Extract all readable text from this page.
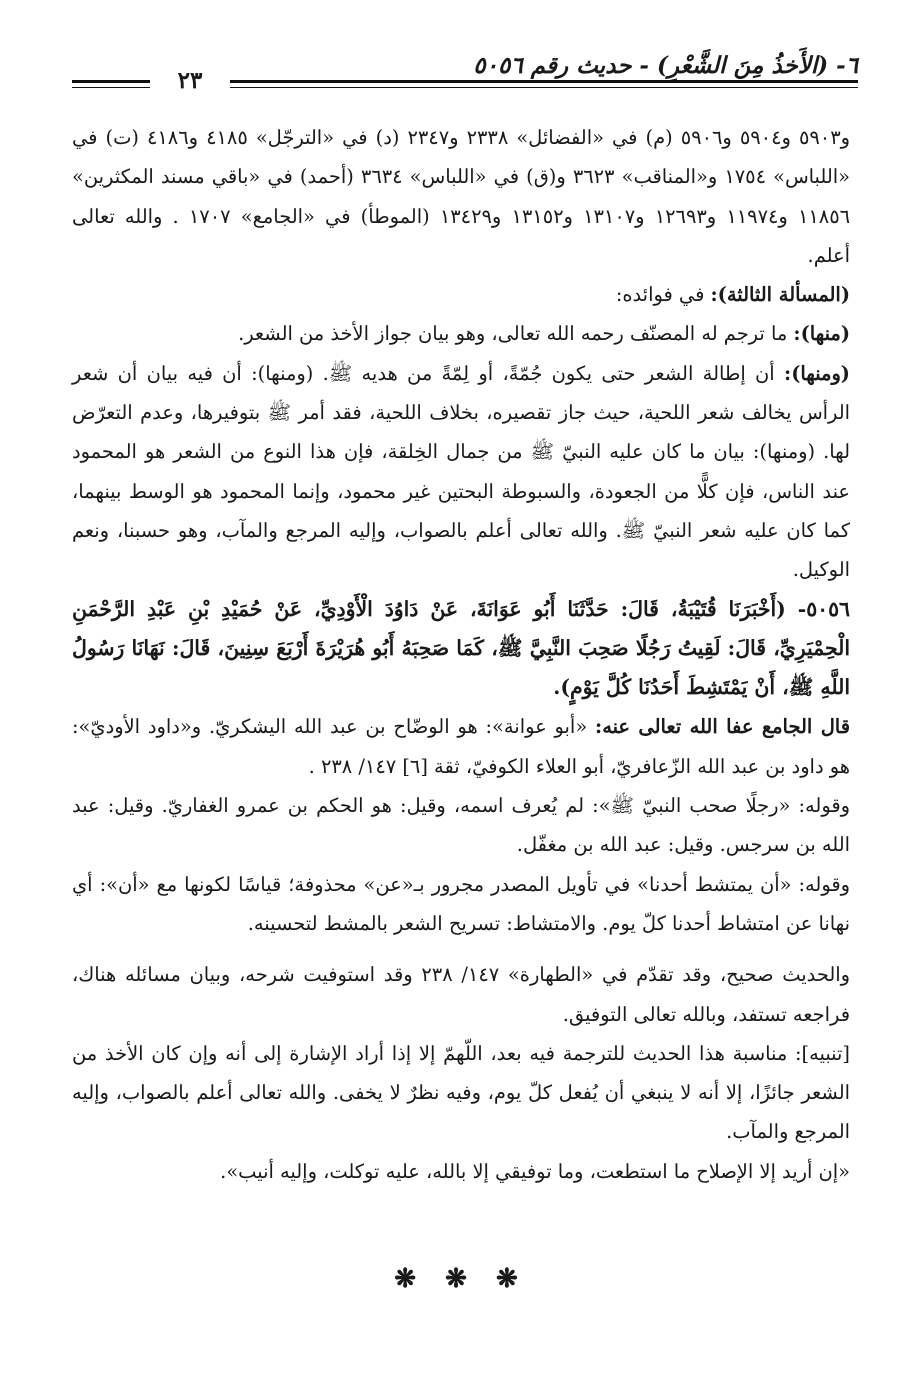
٦- (الأَخذُ مِنَ الشَّعْرِ) - حديث رقم ٥٠٥٦
٢٣

و٥٩٠٣ و٥٩٠٤ و٥٩٠٦ (م) في «الفضائل» ٢٣٣٨ و٢٣٤٧ (د) في «الترجّل» ٤١٨٥ و٤١٨٦ (ت) في «اللباس» ١٧٥٤ و«المناقب» ٣٦٢٣ و(ق) في «اللباس» ٣٦٣٤ (أحمد) في «باقي مسند المكثرين» ١١٨٥٦ و١١٩٧٤ و١٢٦٩٣ و١٣١٠٧ و١٣١٥٢ و١٣٤٢٩ (الموطأ) في «الجامع» ١٧٠٧ . والله تعالى أعلم.

(المسألة الثالثة): في فوائده:

(منها): ما ترجم له المصنّف رحمه الله تعالى، وهو بيان جواز الأخذ من الشعر.

(ومنها): أن إطالة الشعر حتى يكون جُمّةً، أو لِمّةً من هديه ﷺ. (ومنها): أن فيه بيان أن شعر الرأس يخالف شعر اللحية، حيث جاز تقصيره، بخلاف اللحية، فقد أمر ﷺ بتوفيرها، وعدم التعرّض لها. (ومنها): بيان ما كان عليه النبيّ ﷺ من جمال الخِلقة، فإن هذا النوع من الشعر هو المحمود عند الناس، فإن كلًّا من الجعودة، والسبوطة البحتين غير محمود، وإنما المحمود هو الوسط بينهما، كما كان عليه شعر النبيّ ﷺ. والله تعالى أعلم بالصواب، وإليه المرجع والمآب، وهو حسبنا، ونعم الوكيل.

٥٠٥٦- (أَخْبَرَنَا قُتَيْبَةُ، قَالَ: حَدَّثَنَا أَبُو عَوَانَةَ، عَنْ دَاوُدَ الْأَوْدِيِّ، عَنْ حُمَيْدِ بْنِ عَبْدِ الرَّحْمَنِ الْحِمْيَرِيِّ، قَالَ: لَقِيتُ رَجُلًا صَحِبَ النَّبِيَّ ﷺ، كَمَا صَحِبَهُ أَبُو هُرَيْرَةَ أَرْبَعَ سِنِينَ، قَالَ: نَهَانَا رَسُولُ اللَّهِ ﷺ، أَنْ يَمْتَشِطَ أَحَدُنَا كُلَّ يَوْمٍ).

قال الجامع عفا الله تعالى عنه: «أبو عوانة»: هو الوضّاح بن عبد الله اليشكريّ. و«داود الأوديّ»: هو داود بن عبد الله الزّعافريّ، أبو العلاء الكوفيّ، ثقة [٦] ١٤٧/ ٢٣٨ .

وقوله: «رجلًا صحب النبيّ ﷺ»: لم يُعرف اسمه، وقيل: هو الحكم بن عمرو الغفاريّ. وقيل: عبد الله بن سرجس. وقيل: عبد الله بن مغفّل.

وقوله: «أن يمتشط أحدنا» في تأويل المصدر مجرور بـ«عن» محذوفة؛ قياسًا لكونها مع «أن»: أي نهانا عن امتشاط أحدنا كلّ يوم. والامتشاط: تسريح الشعر بالمشط لتحسينه.

والحديث صحيح، وقد تقدّم في «الطهارة» ١٤٧/ ٢٣٨ وقد استوفيت شرحه، وبيان مسائله هناك، فراجعه تستفد، وبالله تعالى التوفيق.

[تنبيه]: مناسبة هذا الحديث للترجمة فيه بعد، اللّهمّ إلا إذا أراد الإشارة إلى أنه وإن كان الأخذ من الشعر جائزًا، إلا أنه لا ينبغي أن يُفعل كلّ يوم، وفيه نظرٌ لا يخفى. والله تعالى أعلم بالصواب، وإليه المرجع والمآب.

«إن أريد إلا الإصلاح ما استطعت، وما توفيقي إلا بالله، عليه توكلت، وإليه أنيب».

❋ ❋ ❋
